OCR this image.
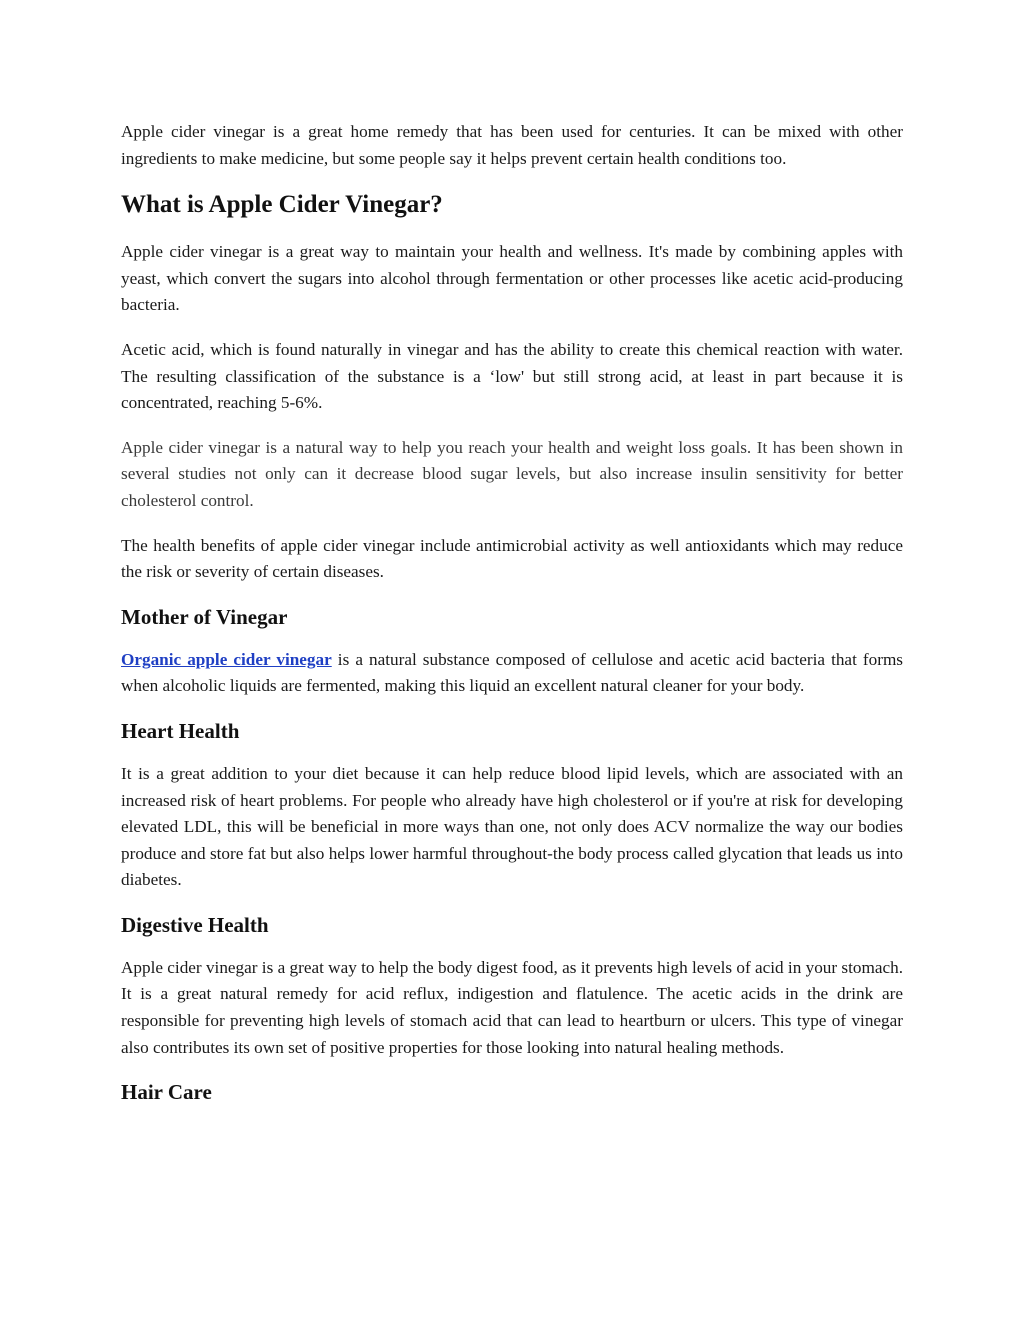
Apple cider vinegar is a great home remedy that has been used for centuries. It can be mixed with other ingredients to make medicine, but some people say it helps prevent certain health conditions too.

What is Apple Cider Vinegar?

Apple cider vinegar is a great way to maintain your health and wellness. It's made by combining apples with yeast, which convert the sugars into alcohol through fermentation or other processes like acetic acid-producing bacteria.

Acetic acid, which is found naturally in vinegar and has the ability to create this chemical reaction with water. The resulting classification of the substance is a ‘low' but still strong acid, at least in part because it is concentrated, reaching 5-6%.

Apple cider vinegar is a natural way to help you reach your health and weight loss goals. It has been shown in several studies not only can it decrease blood sugar levels, but also increase insulin sensitivity for better cholesterol control.

The health benefits of apple cider vinegar include antimicrobial activity as well antioxidants which may reduce the risk or severity of certain diseases.

Mother of Vinegar

Organic apple cider vinegar is a natural substance composed of cellulose and acetic acid bacteria that forms when alcoholic liquids are fermented, making this liquid an excellent natural cleaner for your body.

Heart Health

It is a great addition to your diet because it can help reduce blood lipid levels, which are associated with an increased risk of heart problems. For people who already have high cholesterol or if you're at risk for developing elevated LDL, this will be beneficial in more ways than one, not only does ACV normalize the way our bodies produce and store fat but also helps lower harmful throughout-the body process called glycation that leads us into diabetes.

Digestive Health

Apple cider vinegar is a great way to help the body digest food, as it prevents high levels of acid in your stomach. It is a great natural remedy for acid reflux, indigestion and flatulence. The acetic acids in the drink are responsible for preventing high levels of stomach acid that can lead to heartburn or ulcers. This type of vinegar also contributes its own set of positive properties for those looking into natural healing methods.

Hair Care
